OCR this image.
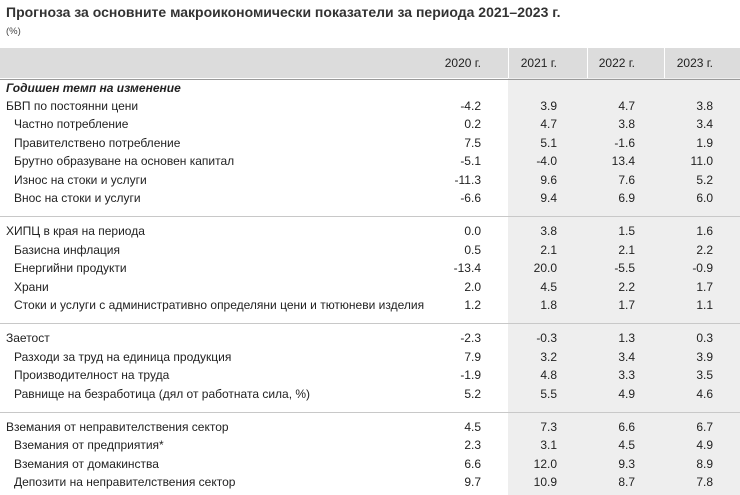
Прогноза за основните макроикономически показатели за периода 2021–2023 г.
(%)
2020 г.	2021 г.	2022 г.	2023 г.
Годишен темп на изменение
БВП по постоянни цени	-4.2	3.9	4.7	3.8
Частно потребление	0.2	4.7	3.8	3.4
Правителствено потребление	7.5	5.1	-1.6	1.9
Брутно образуване на основен капитал	-5.1	-4.0	13.4	11.0
Износ на стоки и услуги	-11.3	9.6	7.6	5.2
Внос на стоки и услуги	-6.6	9.4	6.9	6.0
ХИПЦ в края на периода	0.0	3.8	1.5	1.6
Базисна инфлация	0.5	2.1	2.1	2.2
Енергийни продукти	-13.4	20.0	-5.5	-0.9
Храни	2.0	4.5	2.2	1.7
Стоки и услуги с административно определяни цени и тютюневи изделия	1.2	1.8	1.7	1.1
Заетост	-2.3	-0.3	1.3	0.3
Разходи за труд на единица продукция	7.9	3.2	3.4	3.9
Производителност на труда	-1.9	4.8	3.3	3.5
Равнище на безработица (дял от работната сила, %)	5.2	5.5	4.9	4.6
Вземания от неправителствения сектор	4.5	7.3	6.6	6.7
Вземания от предприятия*	2.3	3.1	4.5	4.9
Вземания от домакинства	6.6	12.0	9.3	8.9
Депозити на неправителствения сектор	9.7	10.9	8.7	7.8
